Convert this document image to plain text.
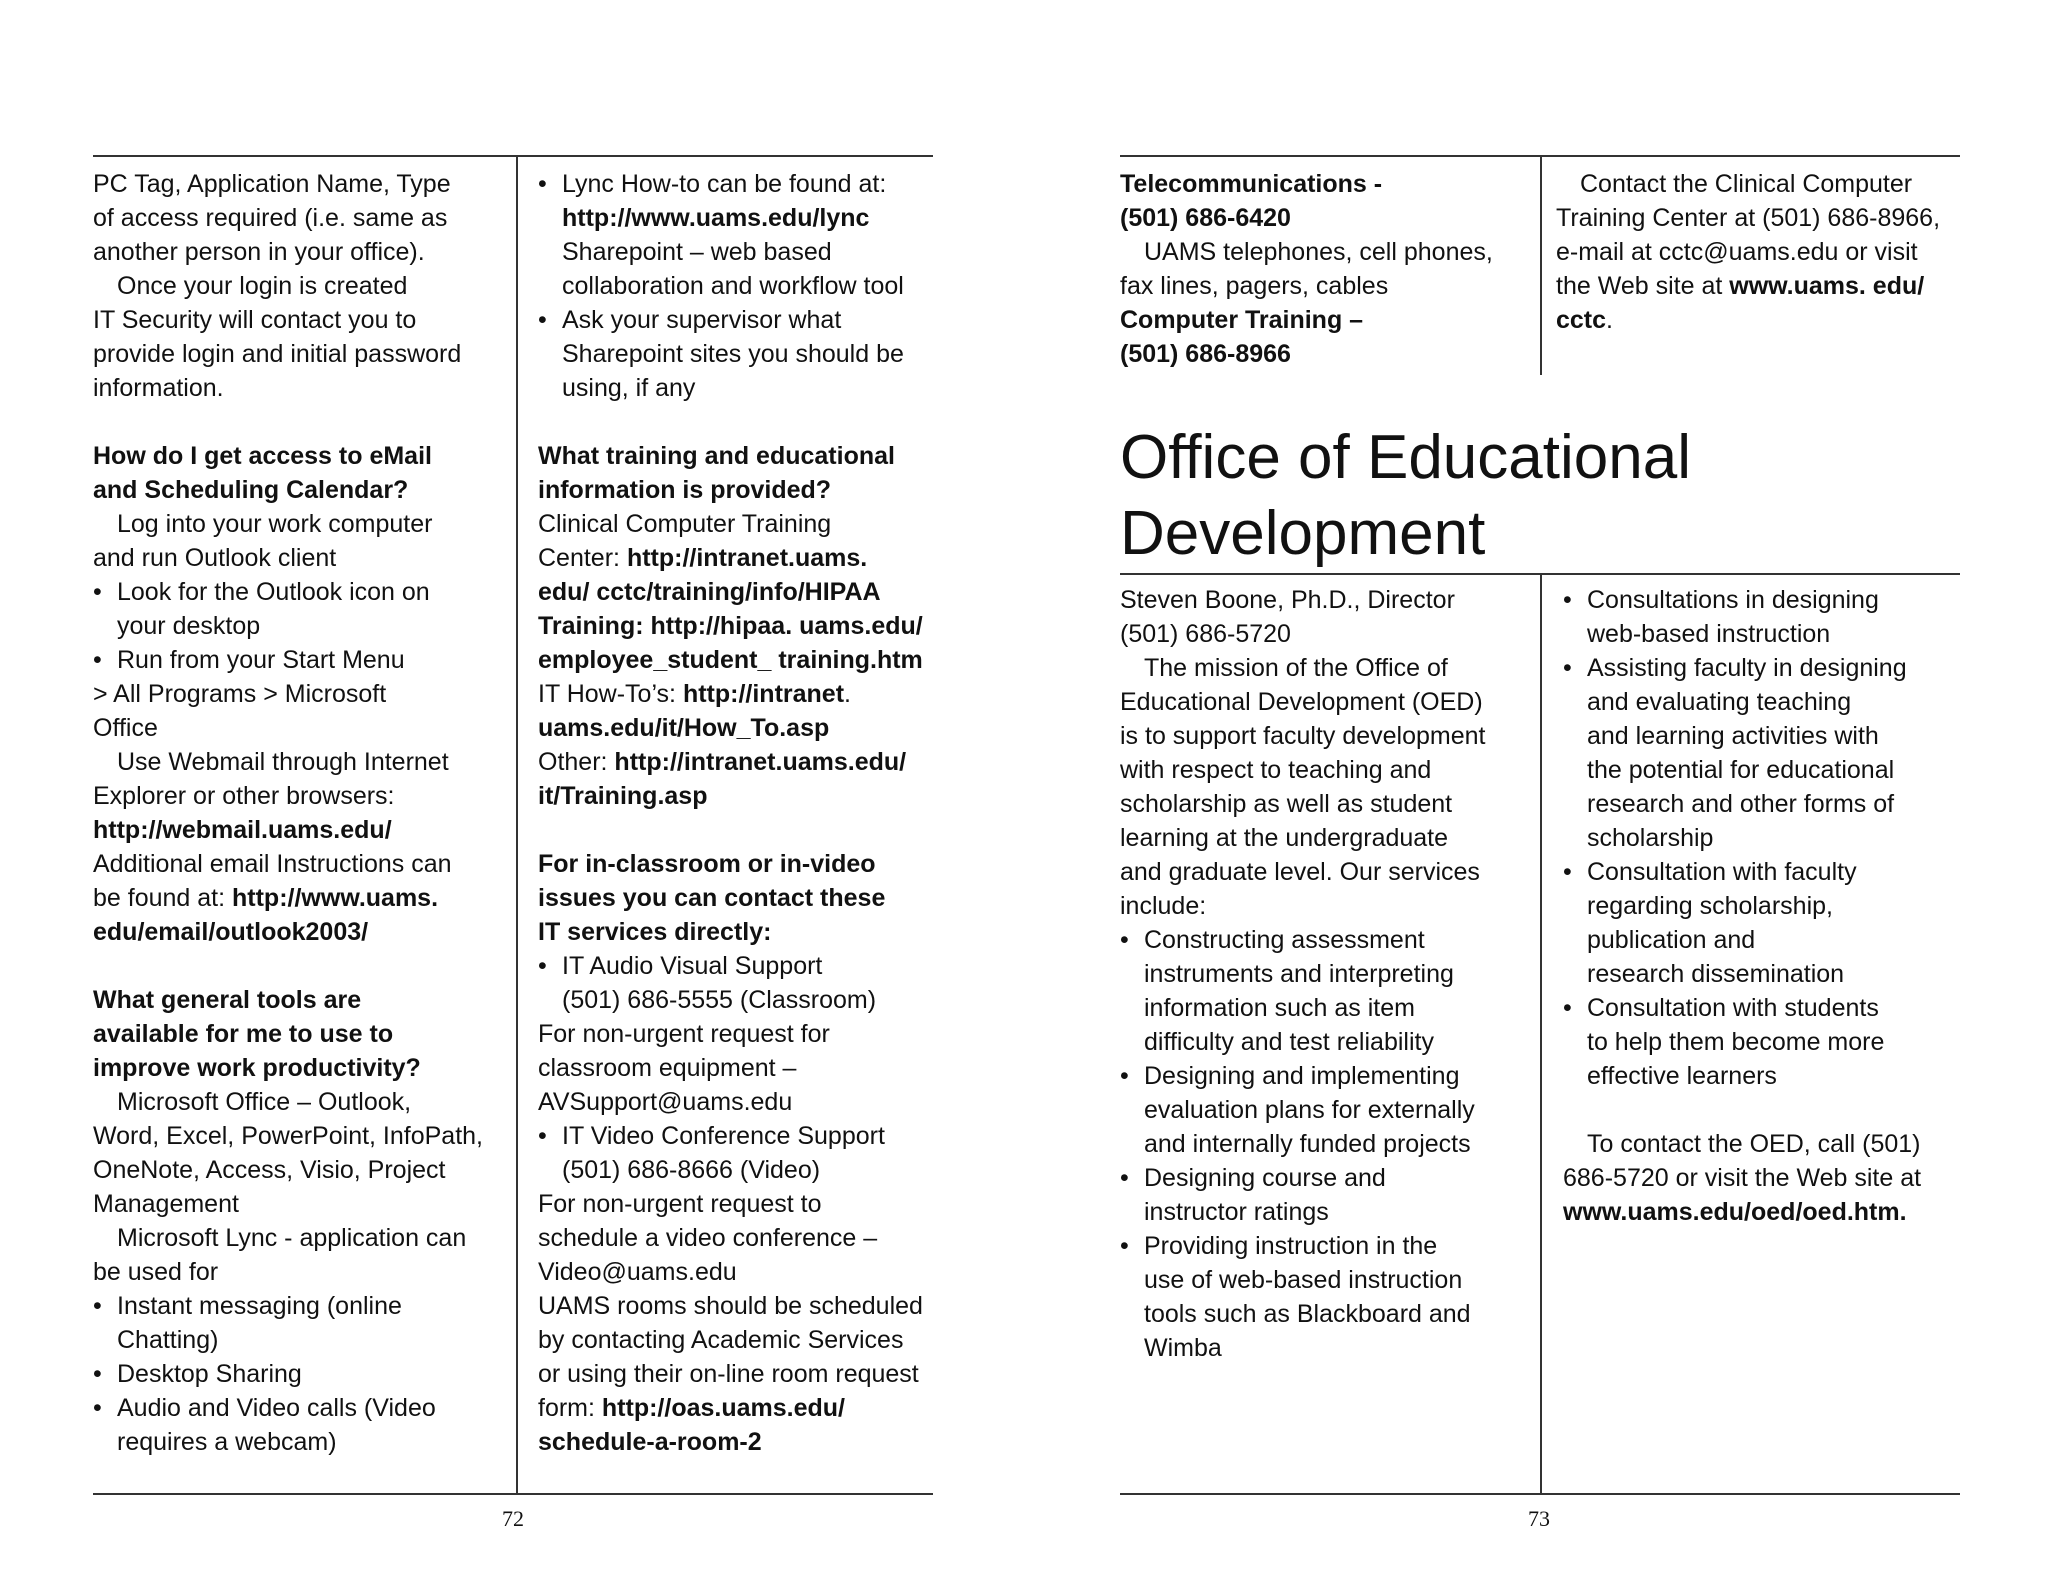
PC Tag, Application Name, Type

of access required (i.e. same as

another person in your office).

Once your login is created

IT Security will contact you to

provide login and initial password

information.

How do I get access to eMail

and Scheduling Calendar?

Log into your work computer

and run Outlook client

• Look for the Outlook icon on
your desktop
• Run from your Start Menu

> All Programs > Microsoft

Office

Use Webmail through Internet

Explorer or other browsers:

http://webmail.uams.edu/

Additional email Instructions can

be found at: http://www.uams.

edu/email/outlook2003/

What general tools are

available for me to use to

improve work productivity?

Microsoft Office – Outlook,

Word, Excel, PowerPoint, InfoPath,

OneNote, Access, Visio, Project

Management

Microsoft Lync - application can

be used for

• Instant messaging (online
Chatting)
• Desktop Sharing
• Audio and Video calls (Video
requires a webcam)
• Lync How-to can be found at:
http://www.uams.edu/lync
Sharepoint – web based
collaboration and workflow tool
• Ask your supervisor what
Sharepoint sites you should be
using, if any

What training and educational

information is provided?

Clinical Computer Training

Center: http://intranet.uams.

edu/ cctc/training/info/HIPAA

Training: http://hipaa. uams.edu/

employee_student_ training.htm

IT How-To’s: http://intranet.

uams.edu/it/How_To.asp

Other: http://intranet.uams.edu/

it/Training.asp

For in-classroom or in-video

issues you can contact these

IT services directly:

• IT Audio Visual Support
(501) 686-5555 (Classroom)

For non-urgent request for

classroom equipment –

AVSupport@uams.edu

• IT Video Conference Support
(501) 686-8666 (Video)

For non-urgent request to

schedule a video conference –

Video@uams.edu

UAMS rooms should be scheduled

by contacting Academic Services

or using their on-line room request

form: http://oas.uams.edu/

schedule-a-room-2

72

Telecommunications -

(501) 686-6420

UAMS telephones, cell phones,

fax lines, pagers, cables

Computer Training –

(501) 686-8966

Contact the Clinical Computer

Training Center at (501) 686-8966,

e-mail at cctc@uams.edu or visit

the Web site at www.uams. edu/

cctc.

Office of Educational
Development

Steven Boone, Ph.D., Director

(501) 686-5720

The mission of the Office of

Educational Development (OED)

is to support faculty development

with respect to teaching and

scholarship as well as student

learning at the undergraduate

and graduate level. Our services

include:

• Constructing assessment
instruments and interpreting
information such as item
difficulty and test reliability
• Designing and implementing
evaluation plans for externally
and internally funded projects
• Designing course and
instructor ratings
• Providing instruction in the
use of web-based instruction
tools such as Blackboard and
Wimba
• Consultations in designing
web-based instruction
• Assisting faculty in designing
and evaluating teaching
and learning activities with
the potential for educational
research and other forms of
scholarship
• Consultation with faculty
regarding scholarship,
publication and
research dissemination
• Consultation with students
to help them become more
effective learners

To contact the OED, call (501)

686-5720 or visit the Web site at

www.uams.edu/oed/oed.htm.

73
